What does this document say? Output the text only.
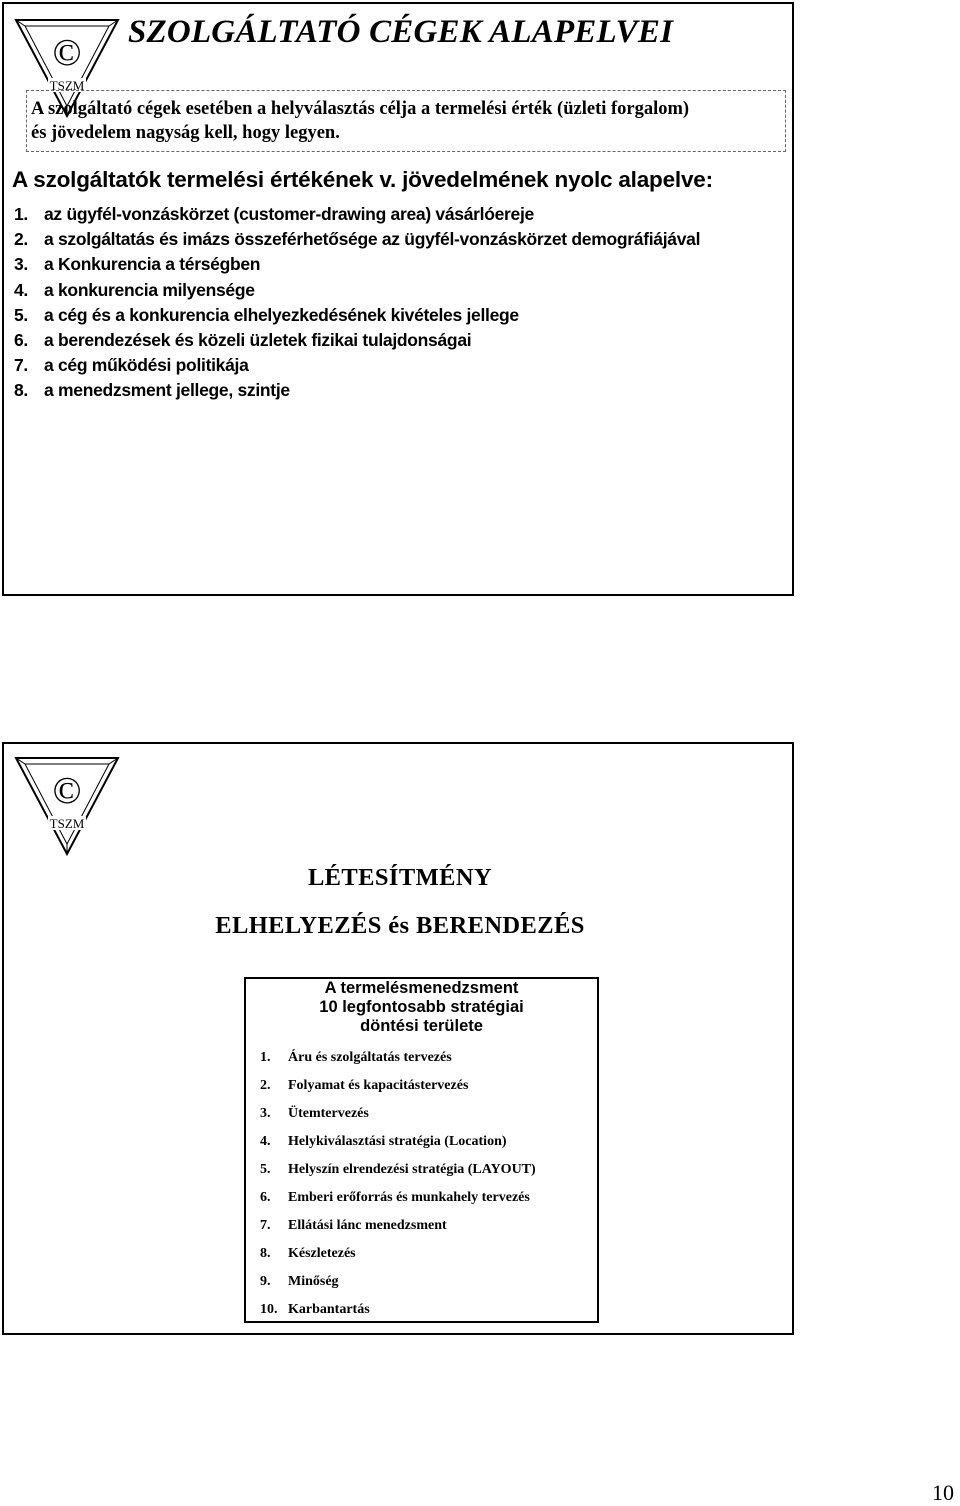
©
TSZM
SZOLGÁLTATÓ CÉGEK ALAPELVEI
A szolgáltató cégek esetében a helyválasztás célja a termelési érték (üzleti forgalom)
és jövedelem nagyság kell, hogy legyen.
A szolgáltatók termelési értékének v. jövedelmének nyolc alapelve:
1. az ügyfél-vonzáskörzet (customer-drawing area) vásárlóereje
2. a szolgáltatás és imázs összeférhetősége az ügyfél-vonzáskörzet demográfiájával
3. a Konkurencia a térségben
4. a konkurencia milyensége
5. a cég és a konkurencia elhelyezkedésének kivételes jellege
6. a berendezések és közeli üzletek fizikai tulajdonságai
7. a cég működési politikája
8. a menedzsment jellege, szintje
©
TSZM
LÉTESÍTMÉNY
ELHELYEZÉS és BERENDEZÉS
A termelésmenedzsment
10 legfontosabb stratégiai
döntési területe
1. Áru és szolgáltatás tervezés
2. Folyamat és kapacitástervezés
3. Ütemtervezés
4. Helykiválasztási stratégia (Location)
5. Helyszín elrendezési stratégia (LAYOUT)
6. Emberi erőforrás és munkahely tervezés
7. Ellátási lánc menedzsment
8. Készletezés
9. Minőség
10. Karbantartás
10
